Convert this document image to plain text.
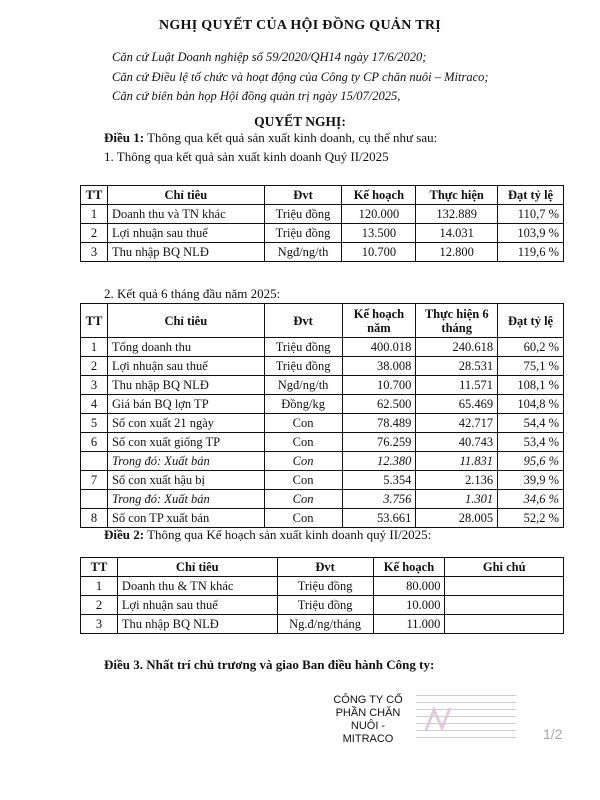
NGHỊ QUYẾT CỦA HỘI ĐỒNG QUẢN TRỊ
Căn cứ Luật Doanh nghiệp số 59/2020/QH14 ngày 17/6/2020;
Căn cứ Điều lệ tổ chức và hoạt động của Công ty CP chăn nuôi – Mitraco;
Căn cứ biên bản họp Hội đồng quản trị ngày 15/07/2025,
QUYẾT NGHỊ:
Điều 1: Thông qua kết quả sản xuất kinh doanh, cụ thể như sau:
1. Thông qua kết quả sản xuất kinh doanh Quý II/2025
TT	Chỉ tiêu	Đvt	Kế hoạch	Thực hiện	Đạt tỷ lệ
1	Doanh thu và TN khác	Triệu đồng	120.000	132.889	110,7 %
2	Lợi nhuận sau thuế	Triệu đồng	13.500	14.031	103,9 %
3	Thu nhập BQ NLĐ	Ngđ/ng/th	10.700	12.800	119,6 %
2. Kết quả 6 tháng đầu năm 2025:
TT	Chỉ tiêu	Đvt	Kế hoạch năm	Thực hiện 6 tháng	Đạt tỷ lệ
1	Tổng doanh thu	Triệu đồng	400.018	240.618	60,2 %
2	Lợi nhuận sau thuế	Triệu đồng	38.008	28.531	75,1 %
3	Thu nhập BQ NLĐ	Ngđ/ng/th	10.700	11.571	108,1 %
4	Giá bán BQ lợn TP	Đồng/kg	62.500	65.469	104,8 %
5	Số con xuất 21 ngày	Con	78.489	42.717	54,4 %
6	Số con xuất giống TP	Con	76.259	40.743	53,4 %
	Trong đó: Xuất bán	Con	12.380	11.831	95,6 %
7	Số con xuất hậu bị	Con	5.354	2.136	39,9 %
	Trong đó: Xuất bán	Con	3.756	1.301	34,6 %
8	Số con TP xuất bán	Con	53.661	28.005	52,2 %
Điều 2: Thông qua Kế hoạch sản xuất kinh doanh quý II/2025:
TT	Chỉ tiêu	Đvt	Kế hoạch	Ghi chú
1	Doanh thu & TN khác	Triệu đồng	80.000	
2	Lợi nhuận sau thuế	Triệu đồng	10.000	
3	Thu nhập BQ NLĐ	Ng.đ/ng/tháng	11.000	
Điều 3. Nhất trí chủ trương và giao Ban điều hành Công ty:
CÔNG TY CỔ PHẦN CHĂN NUÔI - MITRACO	1/2
